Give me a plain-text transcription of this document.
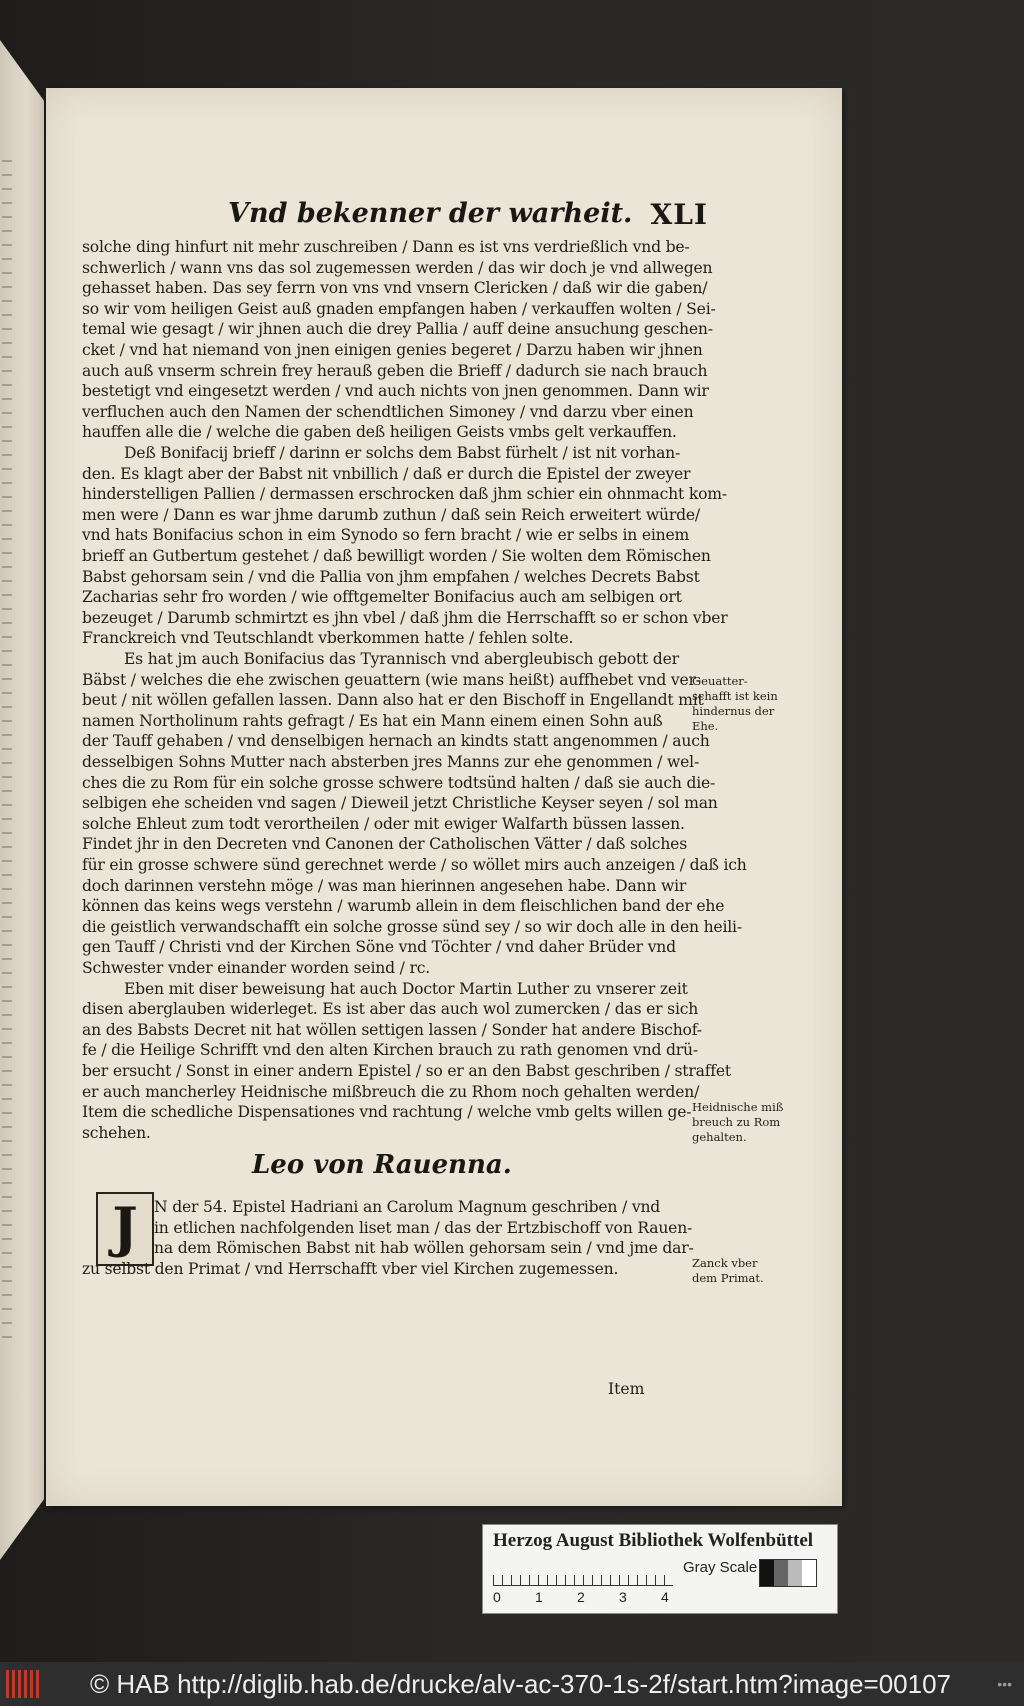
Vnd bekenner der warheit. XLI
solche ding hinfurt nit mehr zuschreiben / Dann es ist vns verdrießlich vnd be-
schwerlich / wann vns das sol zugemessen werden / das wir doch je vnd allwegen
gehasset haben. Das sey ferrn von vns vnd vnsern Clericken / daß wir die gaben/
so wir vom heiligen Geist auß gnaden empfangen haben / verkauffen wolten / Sei-
temal wie gesagt / wir jhnen auch die drey Pallia / auff deine ansuchung geschen-
cket / vnd hat niemand von jnen einigen genies begeret / Darzu haben wir jhnen
auch auß vnserm schrein frey herauß geben die Brieff / dadurch sie nach brauch
bestetigt vnd eingesetzt werden / vnd auch nichts von jnen genommen. Dann wir
verfluchen auch den Namen der schendtlichen Simoney / vnd darzu vber einen
hauffen alle die / welche die gaben deß heiligen Geists vmbs gelt verkauffen.
Deß Bonifacij brieff / darinn er solchs dem Babst fürhelt / ist nit vorhan-
den. Es klagt aber der Babst nit vnbillich / daß er durch die Epistel der zweyer
hinderstelligen Pallien / dermassen erschrocken daß jhm schier ein ohnmacht kom-
men were / Dann es war jhme darumb zuthun / daß sein Reich erweitert würde/
vnd hats Bonifacius schon in eim Synodo so fern bracht / wie er selbs in einem
brieff an Gutbertum gestehet / daß bewilligt worden / Sie wolten dem Römischen
Babst gehorsam sein / vnd die Pallia von jhm empfahen / welches Decrets Babst
Zacharias sehr fro worden / wie offtgemelter Bonifacius auch am selbigen ort
bezeuget / Darumb schmirtzt es jhn vbel / daß jhm die Herrschafft so er schon vber
Franckreich vnd Teutschlandt vberkommen hatte / fehlen solte.
Es hat jm auch Bonifacius das Tyrannisch vnd abergleubisch gebott der
Bäbst / welches die ehe zwischen geuattern (wie mans heißt) auffhebet vnd ver-
beut / nit wöllen gefallen lassen. Dann also hat er den Bischoff in Engellandt mit
namen Northolinum rahts gefragt / Es hat ein Mann einem einen Sohn auß
der Tauff gehaben / vnd denselbigen hernach an kindts statt angenommen / auch
desselbigen Sohns Mutter nach absterben jres Manns zur ehe genommen / wel-
ches die zu Rom für ein solche grosse schwere todtsünd halten / daß sie auch die-
selbigen ehe scheiden vnd sagen / Dieweil jetzt Christliche Keyser seyen / sol man
solche Ehleut zum todt verortheilen / oder mit ewiger Walfarth büssen lassen.
Findet jhr in den Decreten vnd Canonen der Catholischen Vätter / daß solches
für ein grosse schwere sünd gerechnet werde / so wöllet mirs auch anzeigen / daß ich
doch darinnen verstehn möge / was man hierinnen angesehen habe. Dann wir
können das keins wegs verstehn / warumb allein in dem fleischlichen band der ehe
die geistlich verwandschafft ein solche grosse sünd sey / so wir doch alle in den heili-
gen Tauff / Christi vnd der Kirchen Söne vnd Töchter / vnd daher Brüder vnd
Schwester vnder einander worden seind / rc.
Eben mit diser beweisung hat auch Doctor Martin Luther zu vnserer zeit
disen aberglauben widerleget. Es ist aber das auch wol zumercken / das er sich
an des Babsts Decret nit hat wöllen settigen lassen / Sonder hat andere Bischof-
fe / die Heilige Schrifft vnd den alten Kirchen brauch zu rath genomen vnd drü-
ber ersucht / Sonst in einer andern Epistel / so er an den Babst geschriben / straffet
er auch mancherley Heidnische mißbreuch die zu Rhom noch gehalten werden/
Item die schedliche Dispensationes vnd rachtung / welche vmb gelts willen ge-
schehen.
Leo von Rauenna.
J	N der 54. Epistel Hadriani an Carolum Magnum geschriben / vnd
in etlichen nachfolgenden liset man / das der Ertzbischoff von Rauen-
na dem Römischen Babst nit hab wöllen gehorsam sein / vnd jme dar-
zu selbst den Primat / vnd Herrschafft vber viel Kirchen zugemessen.
Item
Geuatter-
schafft ist kein
hindernus der
Ehe.
Heidnische miß
breuch zu Rom
gehalten.
Zanck vber
dem Primat.
Herzog August Bibliothek Wolfenbüttel
0 1 2 3 4
Gray Scale
© HAB http://diglib.hab.de/drucke/alv-ac-370-1s-2f/start.htm?image=00107	•••
